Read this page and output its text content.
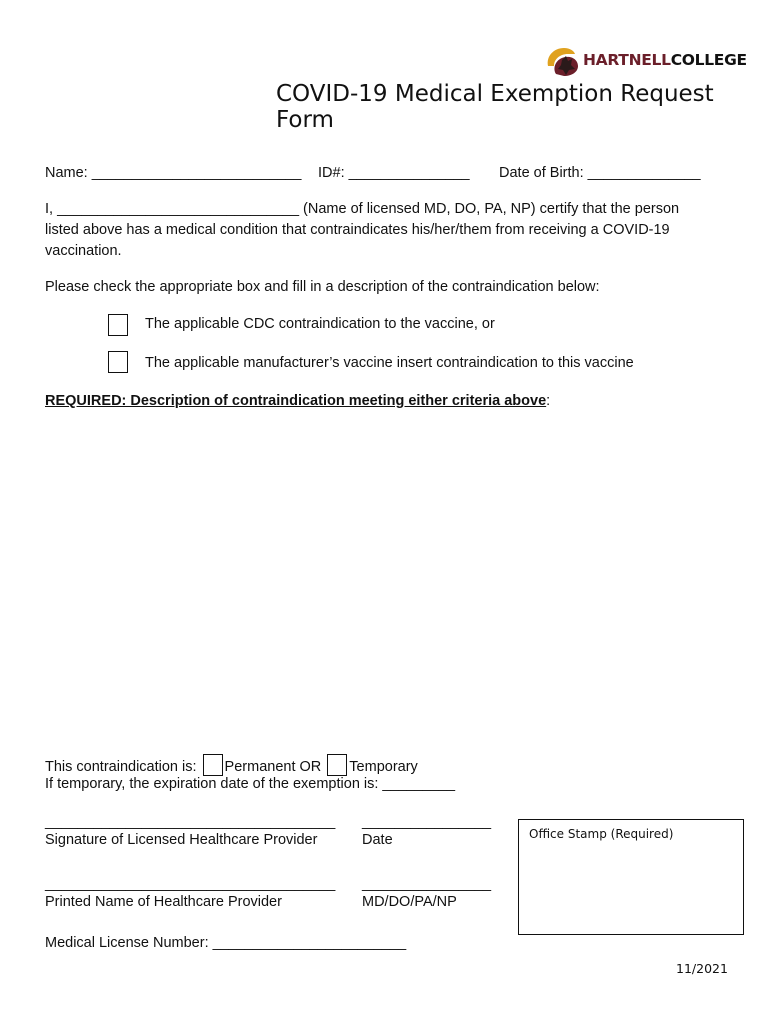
HARTNELLCOLLEGE
COVID-19 Medical Exemption Request Form
Name: __________________________ ID#: _______________ Date of Birth: ______________
I, ______________________________ (Name of licensed MD, DO, PA, NP) certify that the person
listed above has a medical condition that contraindicates his/her/them from receiving a COVID-19
vaccination.
Please check the appropriate box and fill in a description of the contraindication below:
The applicable CDC contraindication to the vaccine, or
The applicable manufacturer’s vaccine insert contraindication to this vaccine
REQUIRED: Description of contraindication meeting either criteria above:
This contraindication is: Permanent OR Temporary
If temporary, the expiration date of the exemption is: _________
____________________________________
Signature of Licensed Healthcare Provider
________________
Date
____________________________________
Printed Name of Healthcare Provider
________________
MD/DO/PA/NP
Medical License Number: ________________________
Office Stamp (Required)
11/2021
